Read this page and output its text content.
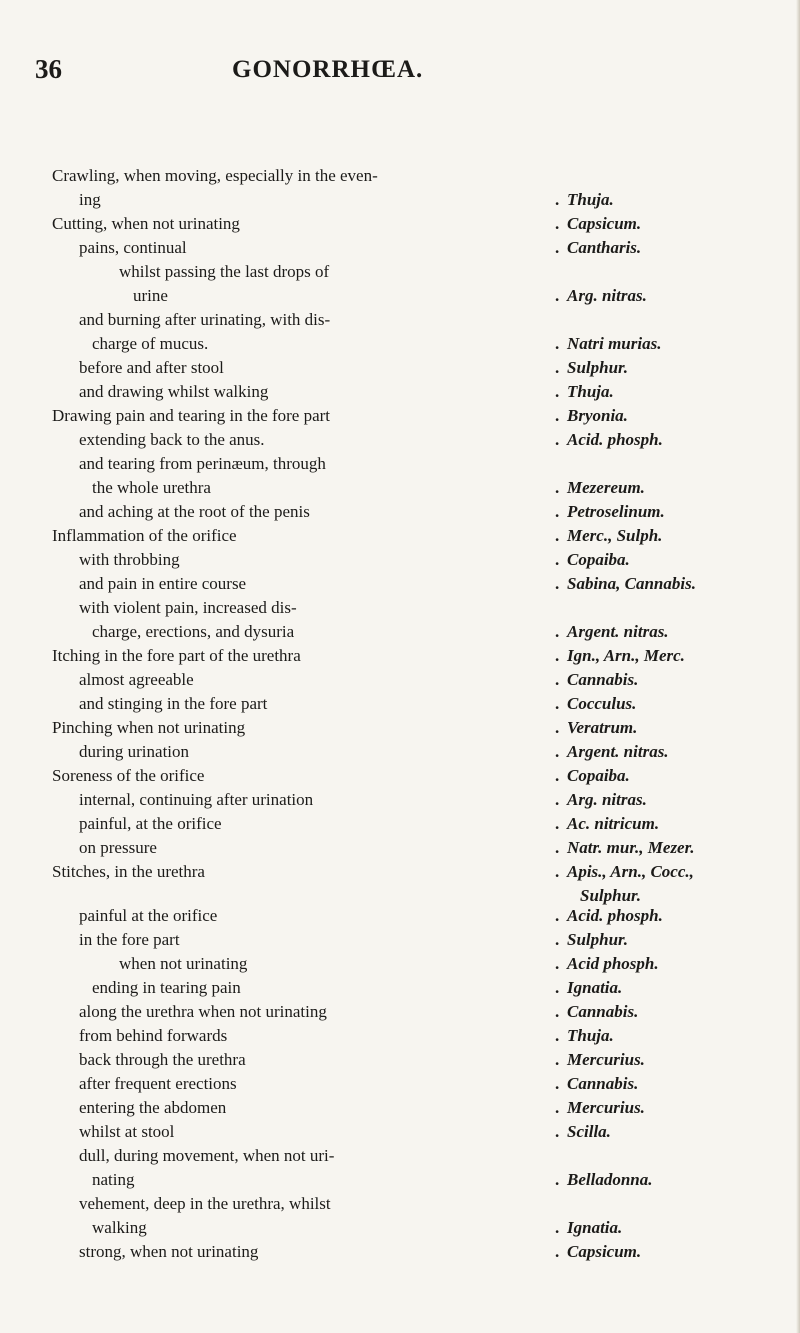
36	GONORRHŒA.
Crawling, when moving, especially in the even-
ing	. Thuja.
Cutting, when not urinating	. Capsicum.
pains, continual	. Cantharis.
whilst passing the last drops of
urine	. Arg. nitras.
and burning after urinating, with dis-
charge of mucus.	. Natri murias.
before and after stool	. Sulphur.
and drawing whilst walking	. Thuja.
Drawing pain and tearing in the fore part	. Bryonia.
extending back to the anus.	. Acid. phosph.
and tearing from perinæum, through
the whole urethra	. Mezereum.
and aching at the root of the penis	. Petroselinum.
Inflammation of the orifice	. Merc., Sulph.
with throbbing	. Copaiba.
and pain in entire course	. Sabina, Cannabis.
with violent pain, increased dis-
charge, erections, and dysuria	. Argent. nitras.
Itching in the fore part of the urethra	. Ign., Arn., Merc.
almost agreeable	. Cannabis.
and stinging in the fore part	. Cocculus.
Pinching when not urinating	. Veratrum.
during urination	. Argent. nitras.
Soreness of the orifice	. Copaiba.
internal, continuing after urination	. Arg. nitras.
painful, at the orifice	. Ac. nitricum.
on pressure	. Natr. mur., Mezer.
Stitches, in the urethra	. Apis., Arn., Cocc.,
Sulphur.
painful at the orifice	. Acid. phosph.
in the fore part	. Sulphur.
when not urinating	. Acid phosph.
ending in tearing pain	. Ignatia.
along the urethra when not urinating	. Cannabis.
from behind forwards	. Thuja.
back through the urethra	. Mercurius.
after frequent erections	. Cannabis.
entering the abdomen	. Mercurius.
whilst at stool	. Scilla.
dull, during movement, when not uri-
nating	. Belladonna.
vehement, deep in the urethra, whilst
walking	. Ignatia.
strong, when not urinating	. Capsicum.
